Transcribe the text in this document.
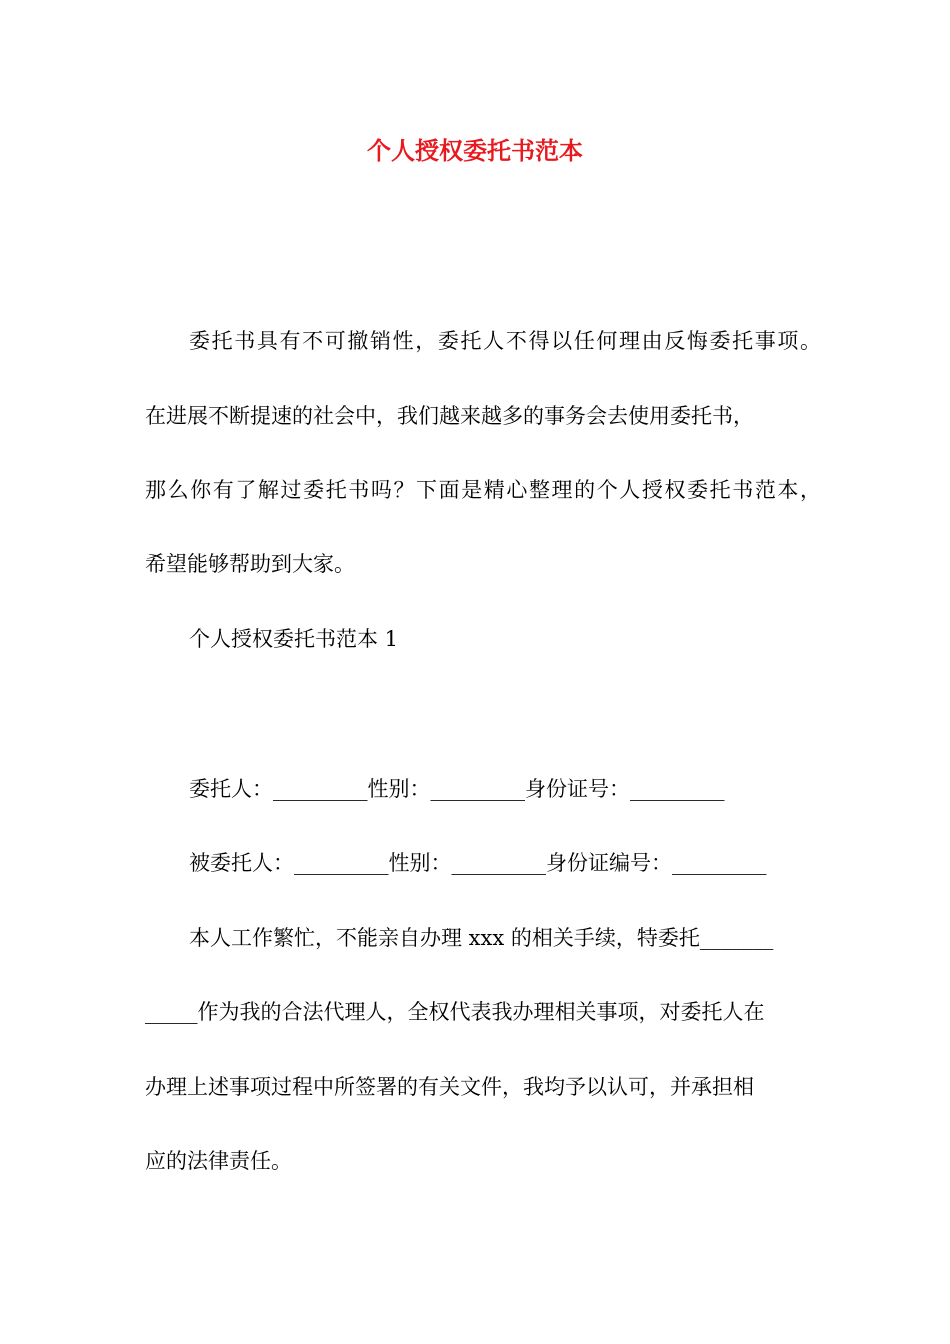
个人授权委托书范本

委托书具有不可撤销性，委托人不得以任何理由反悔委托事项。

在进展不断提速的社会中，我们越来越多的事务会去使用委托书，

那么你有了解过委托书吗？下面是精心整理的个人授权委托书范本，

希望能够帮助到大家。

个人授权委托书范本 1

委托人：_________性别：_________身份证号：_________

被委托人：_________性别：_________身份证编号：_________

本人工作繁忙，不能亲自办理 xxx 的相关手续，特委托_______

_____作为我的合法代理人，全权代表我办理相关事项，对委托人在

办理上述事项过程中所签署的有关文件，我均予以认可，并承担相

应的法律责任。
